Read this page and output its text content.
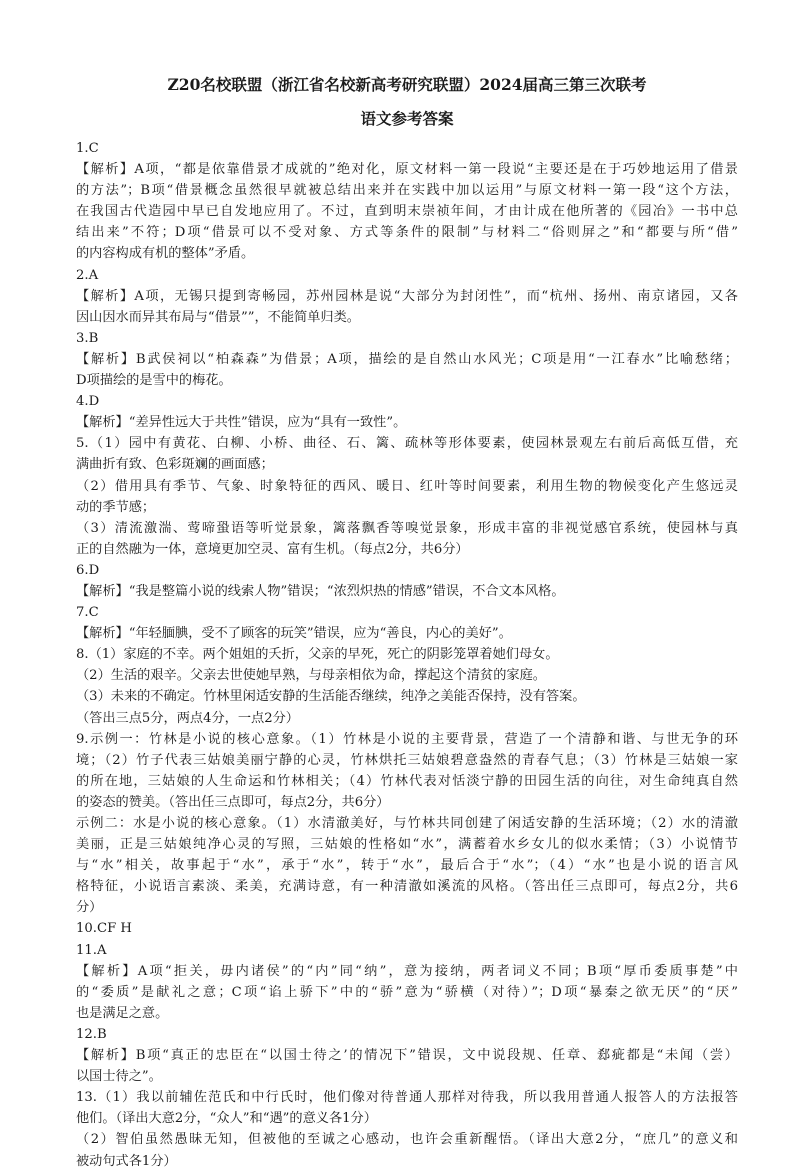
Z20名校联盟（浙江省名校新高考研究联盟）2024届高三第三次联考
语文参考答案
1.C
【解析】A项，“都是依靠借景才成就的”绝对化，原文材料一第一段说“主要还是在于巧妙地运用了借景
的方法”；B项“借景概念虽然很早就被总结出来并在实践中加以运用”与原文材料一第一段“这个方法，
在我国古代造园中早已自发地应用了。不过，直到明末崇祯年间，才由计成在他所著的《园冶》一书中总
结出来”不符；D项“借景可以不受对象、方式等条件的限制”与材料二“俗则屏之”和“都要与所“借”
的内容构成有机的整体”矛盾。
2.A
【解析】A项，无锡只提到寄畅园，苏州园林是说“大部分为封闭性”，而“杭州、扬州、南京诸园，又各
因山因水而异其布局与“借景””，不能简单归类。
3.B
【解析】B武侯祠以“柏森森”为借景；A项，描绘的是自然山水风光；C项是用“一江春水”比喻愁绪；
D项描绘的是雪中的梅花。
4.D
【解析】“差异性远大于共性”错误，应为“具有一致性”。
5.（1）园中有黄花、白柳、小桥、曲径、石、篱、疏林等形体要素，使园林景观左右前后高低互借，充
满曲折有致、色彩斑斓的画面感；
（2）借用具有季节、气象、时象特征的西风、暖日、红叶等时间要素，利用生物的物候变化产生悠远灵
动的季节感；
（3）清流激湍、莺啼蛩语等听觉景象，篱落飘香等嗅觉景象，形成丰富的非视觉感官系统，使园林与真
正的自然融为一体，意境更加空灵、富有生机。（每点2分，共6分）
6.D
【解析】“我是整篇小说的线索人物”错误；“浓烈炽热的情感”错误，不合文本风格。
7.C
【解析】“年轻腼腆，受不了顾客的玩笑”错误，应为“善良，内心的美好”。
8.（1）家庭的不幸。两个姐姐的夭折，父亲的早死，死亡的阴影笼罩着她们母女。
（2）生活的艰辛。父亲去世使她早熟，与母亲相依为命，撑起这个清贫的家庭。
（3）未来的不确定。竹林里闲适安静的生活能否继续，纯净之美能否保持，没有答案。
（答出三点5分，两点4分，一点2分）
9.示例一：竹林是小说的核心意象。（1）竹林是小说的主要背景，营造了一个清静和谐、与世无争的环
境；（2）竹子代表三姑娘美丽宁静的心灵，竹林烘托三姑娘碧意盎然的青春气息；（3）竹林是三姑娘一家
的所在地，三姑娘的人生命运和竹林相关；（4）竹林代表对恬淡宁静的田园生活的向往，对生命纯真自然
的姿态的赞美。（答出任三点即可，每点2分，共6分）
示例二：水是小说的核心意象。（1）水清澈美好，与竹林共同创建了闲适安静的生活环境；（2）水的清澈
美丽，正是三姑娘纯净心灵的写照，三姑娘的性格如“水”，满蓄着水乡女儿的似水柔情；（3）小说情节
与“水”相关，故事起于“水”，承于“水”，转于“水”，最后合于“水”；（4）“水”也是小说的语言风
格特征，小说语言素淡、柔美，充满诗意，有一种清澈如溪流的风格。（答出任三点即可，每点2分，共6
分）
10.CF H
11.A
【解析】A项“拒关，毋内诸侯”的“内”同“纳”，意为接纳，两者词义不同；B项“厚币委质事楚”中
的“委质”是献礼之意；C项“谄上骄下”中的“骄”意为“骄横（对待）”；D项“暴秦之欲无厌”的“厌”
也是满足之意。
12.B
【解析】B项“真正的忠臣在“以国士待之’的情况下”错误，文中说段规、任章、郄疵都是“未闻（尝）
以国士待之”。
13.（1）我以前辅佐范氏和中行氏时，他们像对待普通人那样对待我，所以我用普通人报答人的方法报答
他们。（译出大意2分，“众人”和“遇”的意义各1分）
（2）智伯虽然愚昧无知，但被他的至诚之心感动，也许会重新醒悟。（译出大意2分，“庶几”的意义和
被动句式各1分）
